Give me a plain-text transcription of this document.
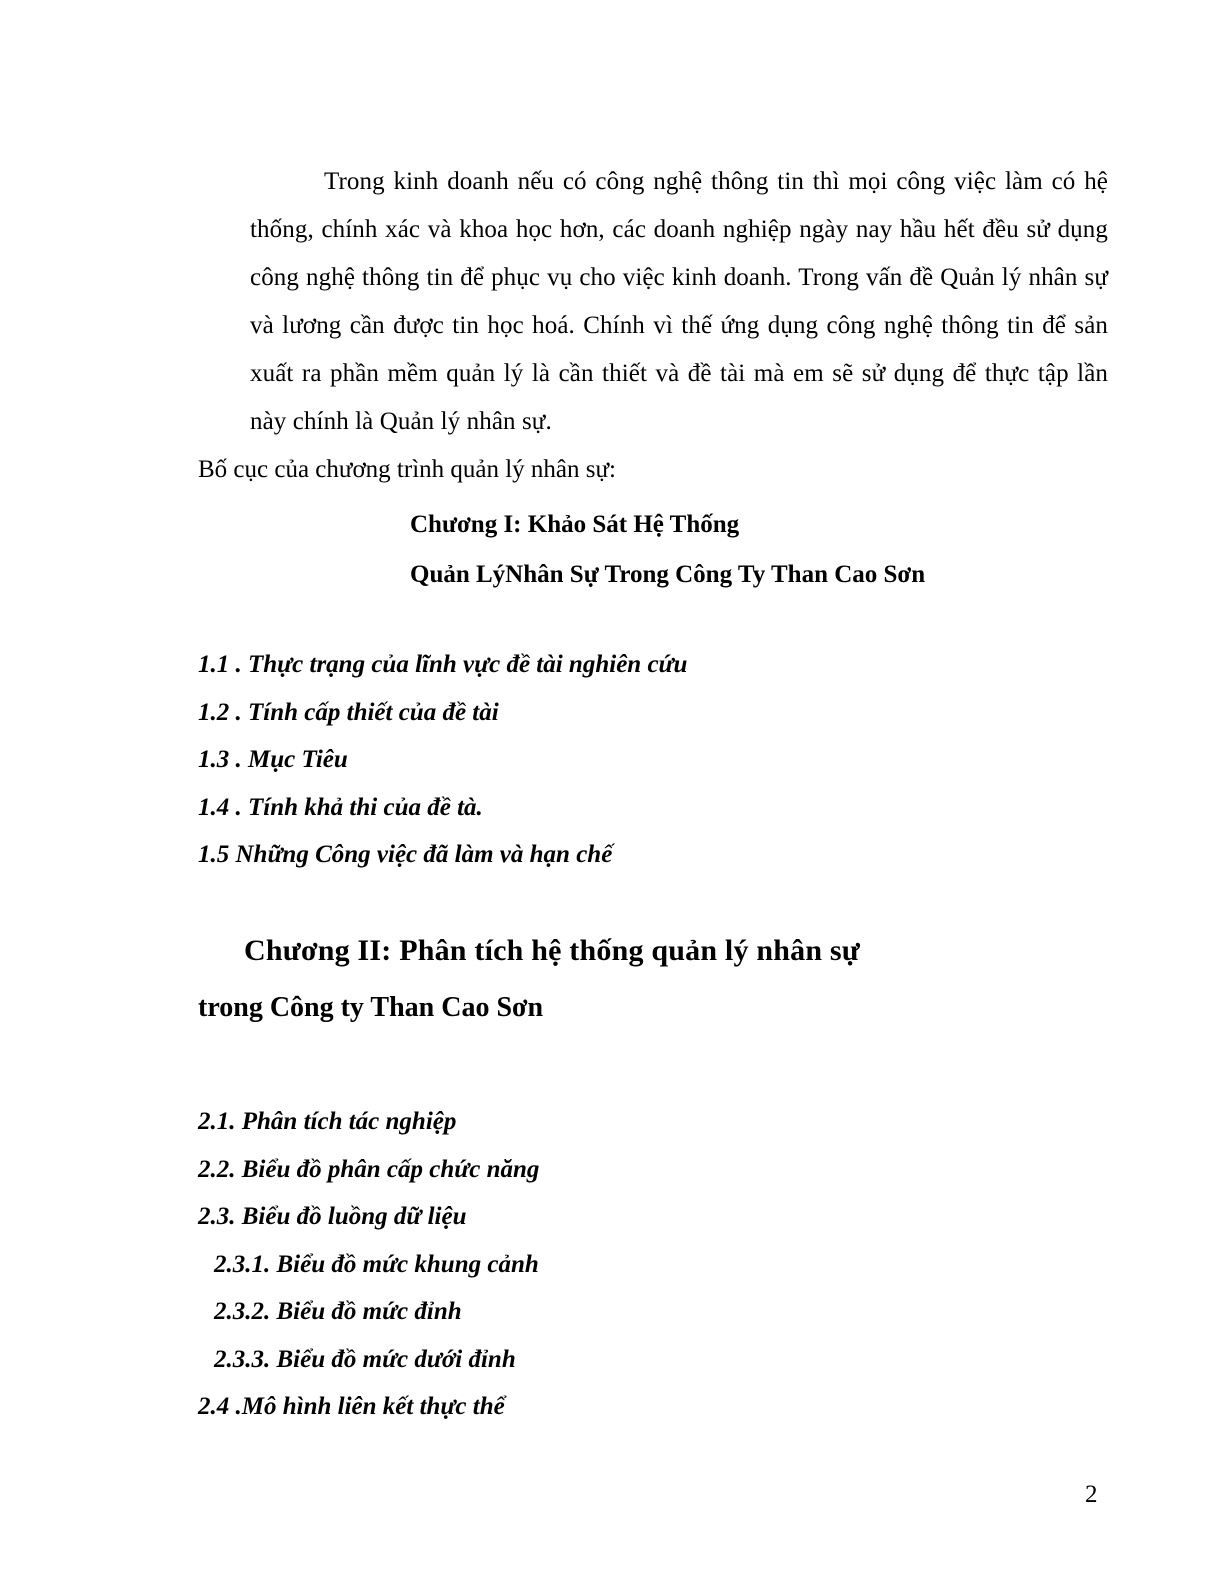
Trong kinh doanh nếu có công nghệ thông tin thì mọi công việc làm có hệ thống, chính xác và khoa học hơn, các doanh nghiệp ngày nay hầu hết đều sử dụng công nghệ thông tin để phục vụ cho việc kinh doanh. Trong vấn đề Quản lý nhân sự và lương cần được tin học hoá. Chính vì thế ứng dụng công nghệ thông tin để sản xuất ra phần mềm quản lý là cần thiết và đề tài mà em sẽ sử dụng để thực tập lần này chính là Quản lý nhân sự.

Bố cục của chương trình quản lý nhân sự:
Chương I: Khảo Sát Hệ Thống
Quản LýNhân Sự Trong Công Ty Than Cao Sơn
1.1 . Thực trạng của lĩnh vực đề tài nghiên cứu
1.2 . Tính cấp thiết của đề tài
1.3 . Mục Tiêu
1.4 . Tính khả thi của đề tà.
1.5 Những Công việc đã làm và hạn chế
Chương II: Phân tích hệ thống quản lý nhân sự
trong Công ty Than Cao Sơn
2.1. Phân tích tác nghiệp
2.2. Biểu đồ phân cấp chức năng
2.3. Biểu đồ luồng dữ liệu
2.3.1. Biểu đồ mức khung cảnh
2.3.2. Biểu đồ mức đỉnh
2.3.3. Biểu đồ mức dưới đỉnh
2.4 .Mô hình liên kết thực thể
2
